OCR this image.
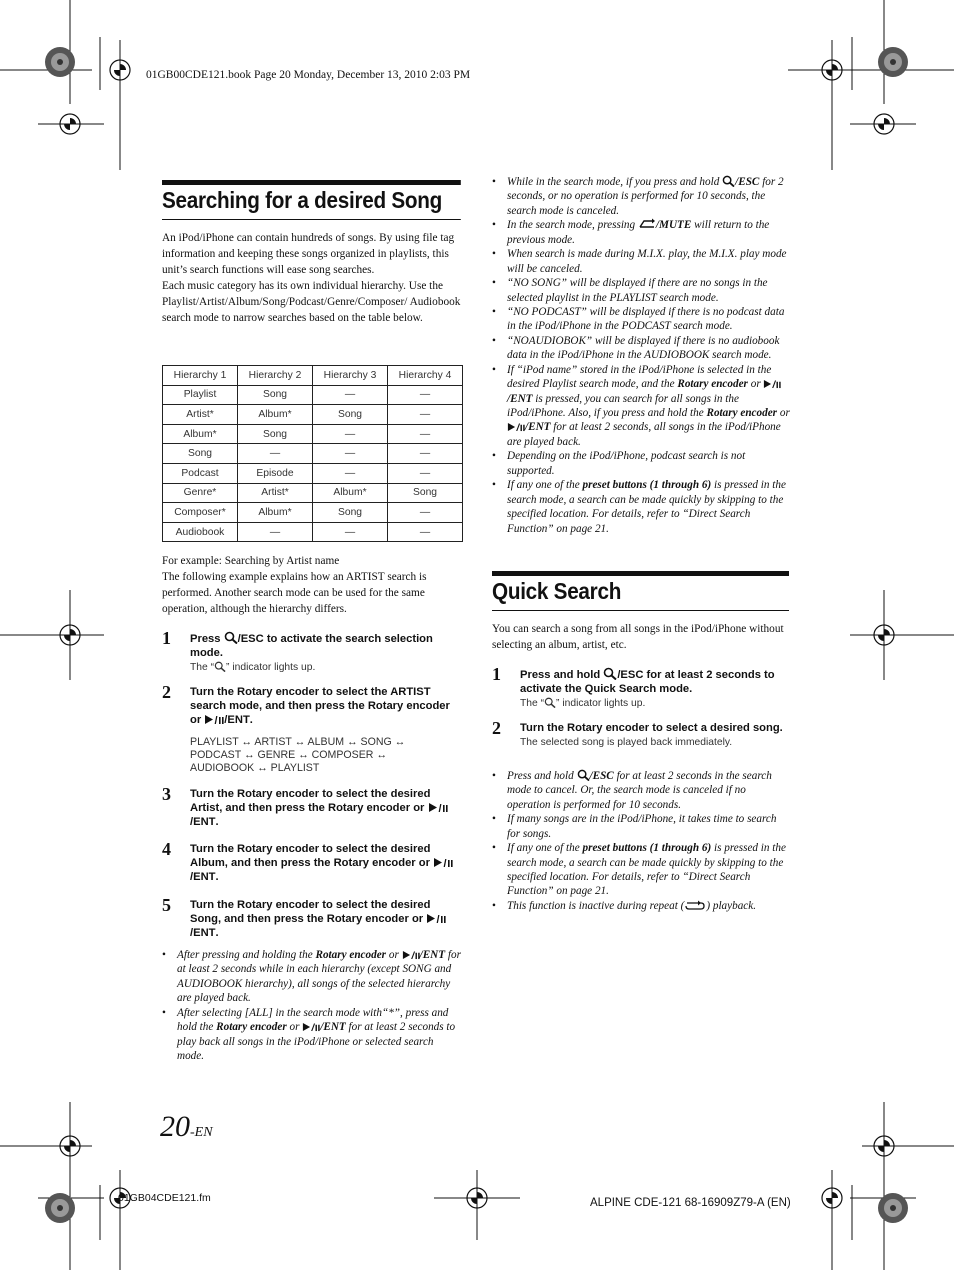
01GB00CDE121.book Page 20 Monday, December 13, 2010 2:03 PM
Searching for a desired Song

An iPod/iPhone can contain hundreds of songs. By using file tag information and keeping these songs organized in playlists, this unit’s search functions will ease song searches.

Each music category has its own individual hierarchy. Use the Playlist/Artist/Album/Song/Podcast/Genre/Composer/ Audiobook search mode to narrow searches based on the table below.

Hierarchy 1	Hierarchy 2	Hierarchy 3	Hierarchy 4
Playlist	Song	—	—
Artist*	Album*	Song	—
Album*	Song	—	—
Song	—	—	—
Podcast	Episode	—	—
Genre*	Artist*	Album*	Song
Composer*	Album*	Song	—
Audiobook	—	—	—

For example: Searching by Artist name

The following example explains how an ARTIST search is performed. Another search mode can be used for the same operation, although the hierarchy differs.

1 Press /ESC to activate the search selection mode.
The “ ” indicator lights up.
2 Turn the Rotary encoder to select the ARTIST search mode, and then press the Rotary encoder or / /ENT.
PLAYLIST ↔ ARTIST ↔ ALBUM ↔ SONG ↔
PODCAST ↔ GENRE ↔ COMPOSER ↔
AUDIOBOOK ↔ PLAYLIST
3 Turn the Rotary encoder to select the desired Artist, and then press the Rotary encoder or /
/ENT.
4 Turn the Rotary encoder to select the desired Album, and then press the Rotary encoder or /
/ENT.
5 Turn the Rotary encoder to select the desired Song, and then press the Rotary encoder or /
/ENT.
• After pressing and holding the Rotary encoder or / /ENT for at least 2 seconds while in each hierarchy (except SONG and AUDIOBOOK hierarchy), all songs of the selected hierarchy are played back.
• After selecting [ALL] in the search mode with“*”, press and hold the Rotary encoder or / /ENT for at least 2 seconds to play back all songs in the iPod/iPhone or selected search mode.
• While in the search mode, if you press and hold /ESC for 2 seconds, or no operation is performed for 10 seconds, the search mode is canceled.
• In the search mode, pressing /MUTE will return to the previous mode.
• When search is made during M.I.X. play, the M.I.X. play mode will be canceled.
• “NO SONG” will be displayed if there are no songs in the selected playlist in the PLAYLIST search mode.
• “NO PODCAST” will be displayed if there is no podcast data in the iPod/iPhone in the PODCAST search mode.
• “NOAUDIOBOK” will be displayed if there is no audiobook data in the iPod/iPhone in the AUDIOBOOK search mode.
• If “iPod name” stored in the iPod/iPhone is selected in the desired Playlist search mode, and the Rotary encoder or /
/ENT is pressed, you can search for all songs in the iPod/iPhone. Also, if you press and hold the Rotary encoder or
/ /ENT for at least 2 seconds, all songs in the iPod/iPhone are played back.
• Depending on the iPod/iPhone, podcast search is not supported.
• If any one of the preset buttons (1 through 6) is pressed in the search mode, a search can be made quickly by skipping to the specified location. For details, refer to “Direct Search Function” on page 21.
Quick Search
You can search a song from all songs in the iPod/iPhone without selecting an album, artist, etc.
1 Press and hold /ESC for at least 2 seconds to activate the Quick Search mode.
The “ ” indicator lights up.
2 Turn the Rotary encoder to select a desired song.
The selected song is played back immediately.
• Press and hold /ESC for at least 2 seconds in the search mode to cancel. Or, the search mode is canceled if no operation is performed for 10 seconds.
• If many songs are in the iPod/iPhone, it takes time to search for songs.
• If any one of the preset buttons (1 through 6) is pressed in the search mode, a search can be made quickly by skipping to the specified location. For details, refer to “Direct Search Function” on page 21.
• This function is inactive during repeat ( ) playback.
20-EN
01GB04CDE121.fm	ALPINE CDE-121 68-16909Z79-A (EN)
